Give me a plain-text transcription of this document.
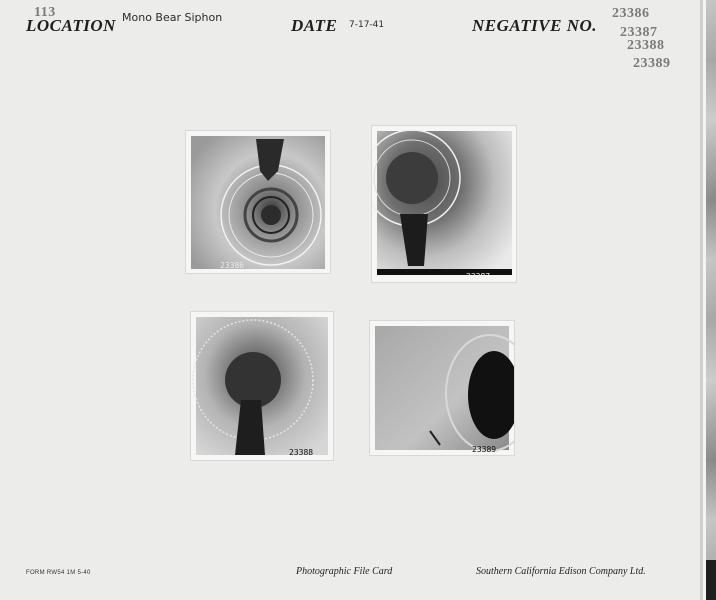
113
LOCATION Mono Bear Siphon	DATE 7-17-41	NEGATIVE NO.
23386
23387
23388
23389
23386
23387
23388	23389
FORM RW54 1M 5-40	Photographic File Card	Southern California Edison Company Ltd.
